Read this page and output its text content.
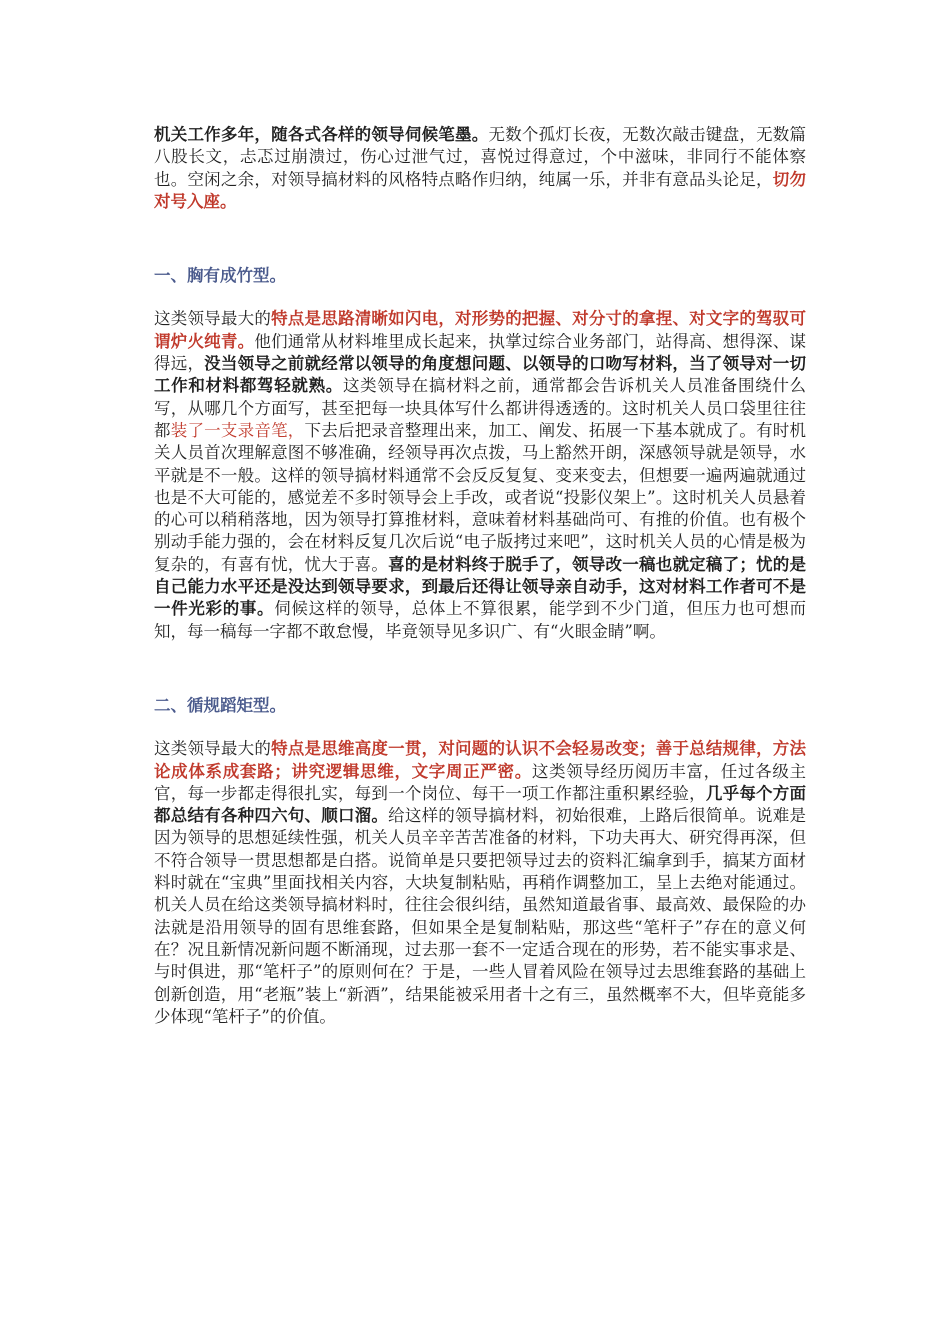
机关工作多年，随各式各样的领导伺候笔墨。无数个孤灯长夜，无数次敲击键盘，无数篇八股长文，忐忑过崩溃过，伤心过泄气过，喜悦过得意过，个中滋味，非同行不能体察也。空闲之余，对领导搞材料的风格特点略作归纳，纯属一乐，并非有意品头论足，切勿对号入座。

一、胸有成竹型。

这类领导最大的特点是思路清晰如闪电，对形势的把握、对分寸的拿捏、对文字的驾驭可谓炉火纯青。他们通常从材料堆里成长起来，执掌过综合业务部门，站得高、想得深、谋得远，没当领导之前就经常以领导的角度想问题、以领导的口吻写材料，当了领导对一切工作和材料都驾轻就熟。这类领导在搞材料之前，通常都会告诉机关人员准备围绕什么写，从哪几个方面写，甚至把每一块具体写什么都讲得透透的。这时机关人员口袋里往往都装了一支录音笔，下去后把录音整理出来，加工、阐发、拓展一下基本就成了。有时机关人员首次理解意图不够准确，经领导再次点拨，马上豁然开朗，深感领导就是领导，水平就是不一般。这样的领导搞材料通常不会反反复复、变来变去，但想要一遍两遍就通过也是不大可能的，感觉差不多时领导会上手改，或者说“投影仪架上”。这时机关人员悬着的心可以稍稍落地，因为领导打算推材料，意味着材料基础尚可、有推的价值。也有极个别动手能力强的，会在材料反复几次后说“电子版拷过来吧”，这时机关人员的心情是极为复杂的，有喜有忧，忧大于喜。喜的是材料终于脱手了，领导改一稿也就定稿了；忧的是自己能力水平还是没达到领导要求，到最后还得让领导亲自动手，这对材料工作者可不是一件光彩的事。伺候这样的领导，总体上不算很累，能学到不少门道，但压力也可想而知，每一稿每一字都不敢怠慢，毕竟领导见多识广、有“火眼金睛”啊。

二、循规蹈矩型。

这类领导最大的特点是思维高度一贯，对问题的认识不会轻易改变；善于总结规律，方法论成体系成套路；讲究逻辑思维，文字周正严密。这类领导经历阅历丰富，任过各级主官，每一步都走得很扎实，每到一个岗位、每干一项工作都注重积累经验，几乎每个方面都总结有各种四六句、顺口溜。给这样的领导搞材料，初始很难，上路后很简单。说难是因为领导的思想延续性强，机关人员辛辛苦苦准备的材料，下功夫再大、研究得再深，但不符合领导一贯思想都是白搭。说简单是只要把领导过去的资料汇编拿到手，搞某方面材料时就在“宝典”里面找相关内容，大块复制粘贴，再稍作调整加工，呈上去绝对能通过。机关人员在给这类领导搞材料时，往往会很纠结，虽然知道最省事、最高效、最保险的办法就是沿用领导的固有思维套路，但如果全是复制粘贴，那这些“笔杆子”存在的意义何在？况且新情况新问题不断涌现，过去那一套不一定适合现在的形势，若不能实事求是、与时俱进，那“笔杆子”的原则何在？于是，一些人冒着风险在领导过去思维套路的基础上创新创造，用“老瓶”装上“新酒”，结果能被采用者十之有三，虽然概率不大，但毕竟能多少体现“笔杆子”的价值。
